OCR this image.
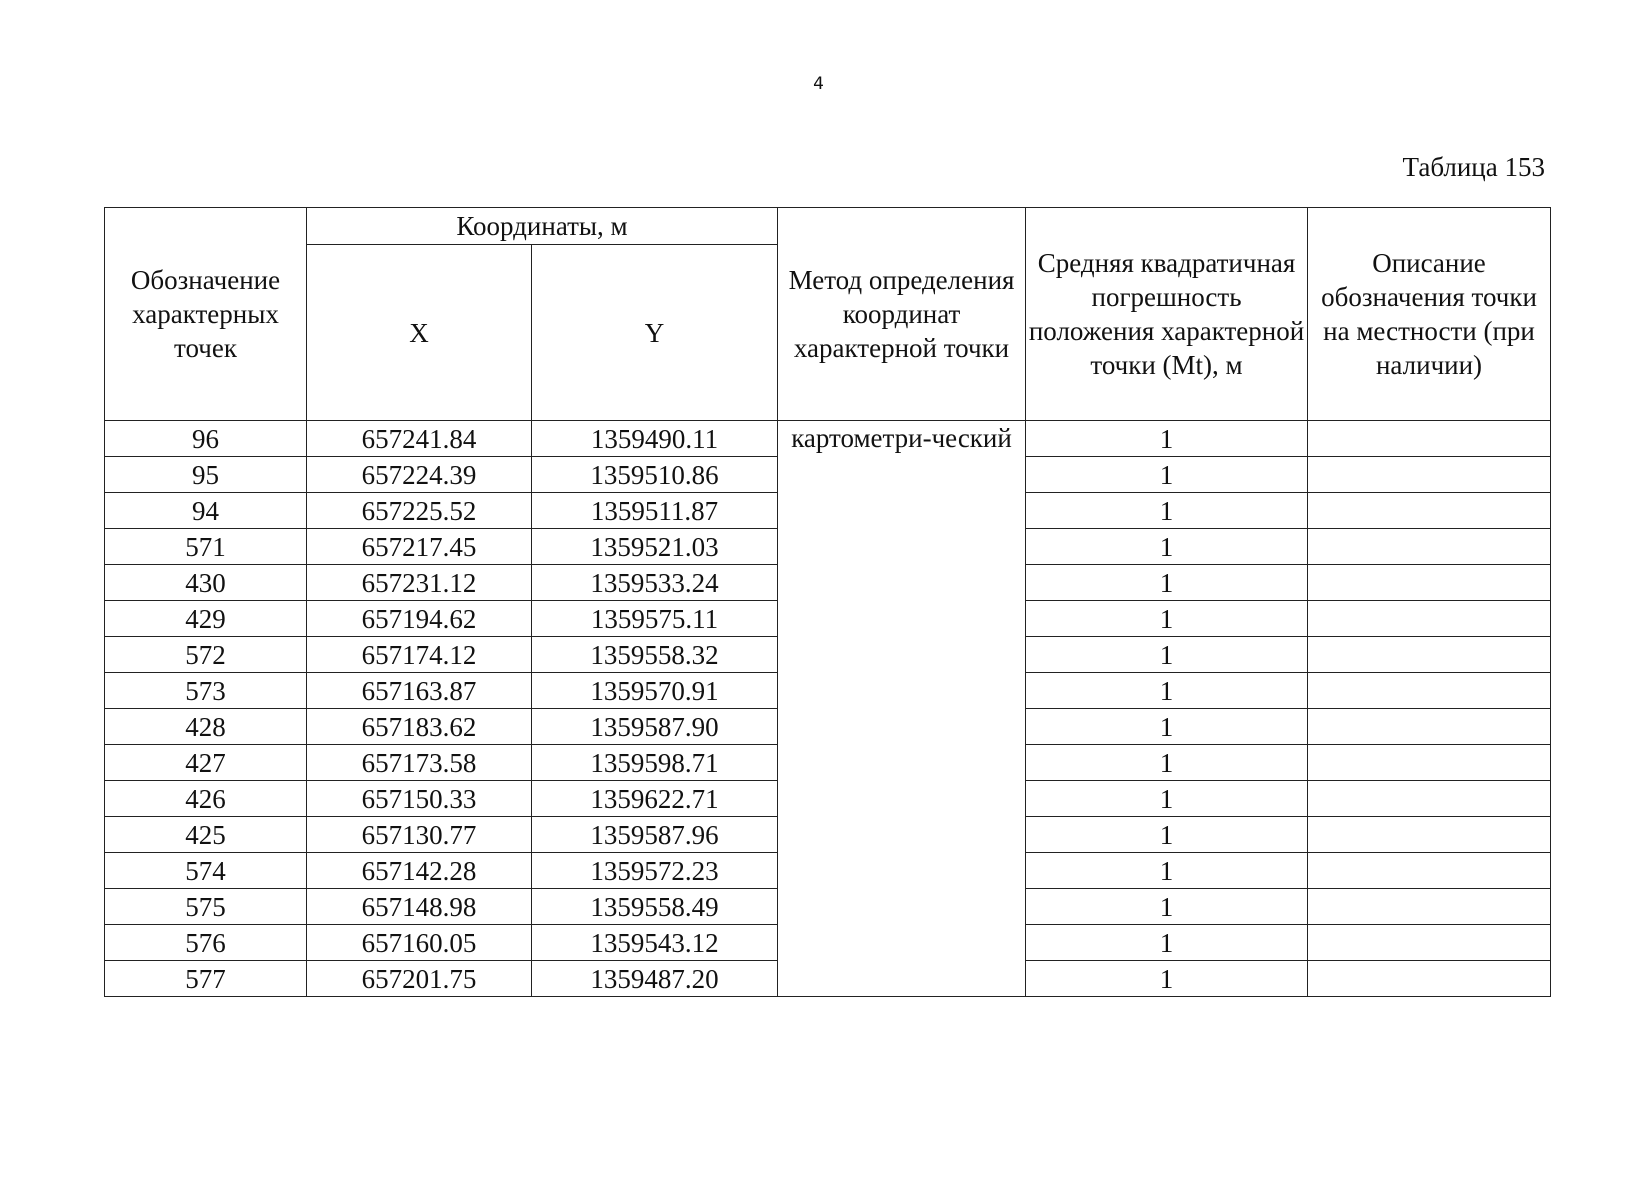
4
Таблица 153
Обозначение характерных точек	Координаты, м		Метод определения координат характерной точки	Средняя квадратичная погрешность положения характерной точки (Mt), м	Описание обозначения точки на местности (при наличии)
	X	Y			
96	657241.84	1359490.11	картометри-ческий	1	
95	657224.39	1359510.86		1	
94	657225.52	1359511.87		1	
571	657217.45	1359521.03		1	
430	657231.12	1359533.24		1	
429	657194.62	1359575.11		1	
572	657174.12	1359558.32		1	
573	657163.87	1359570.91		1	
428	657183.62	1359587.90		1	
427	657173.58	1359598.71		1	
426	657150.33	1359622.71		1	
425	657130.77	1359587.96		1	
574	657142.28	1359572.23		1	
575	657148.98	1359558.49		1	
576	657160.05	1359543.12		1	
577	657201.75	1359487.20		1	
